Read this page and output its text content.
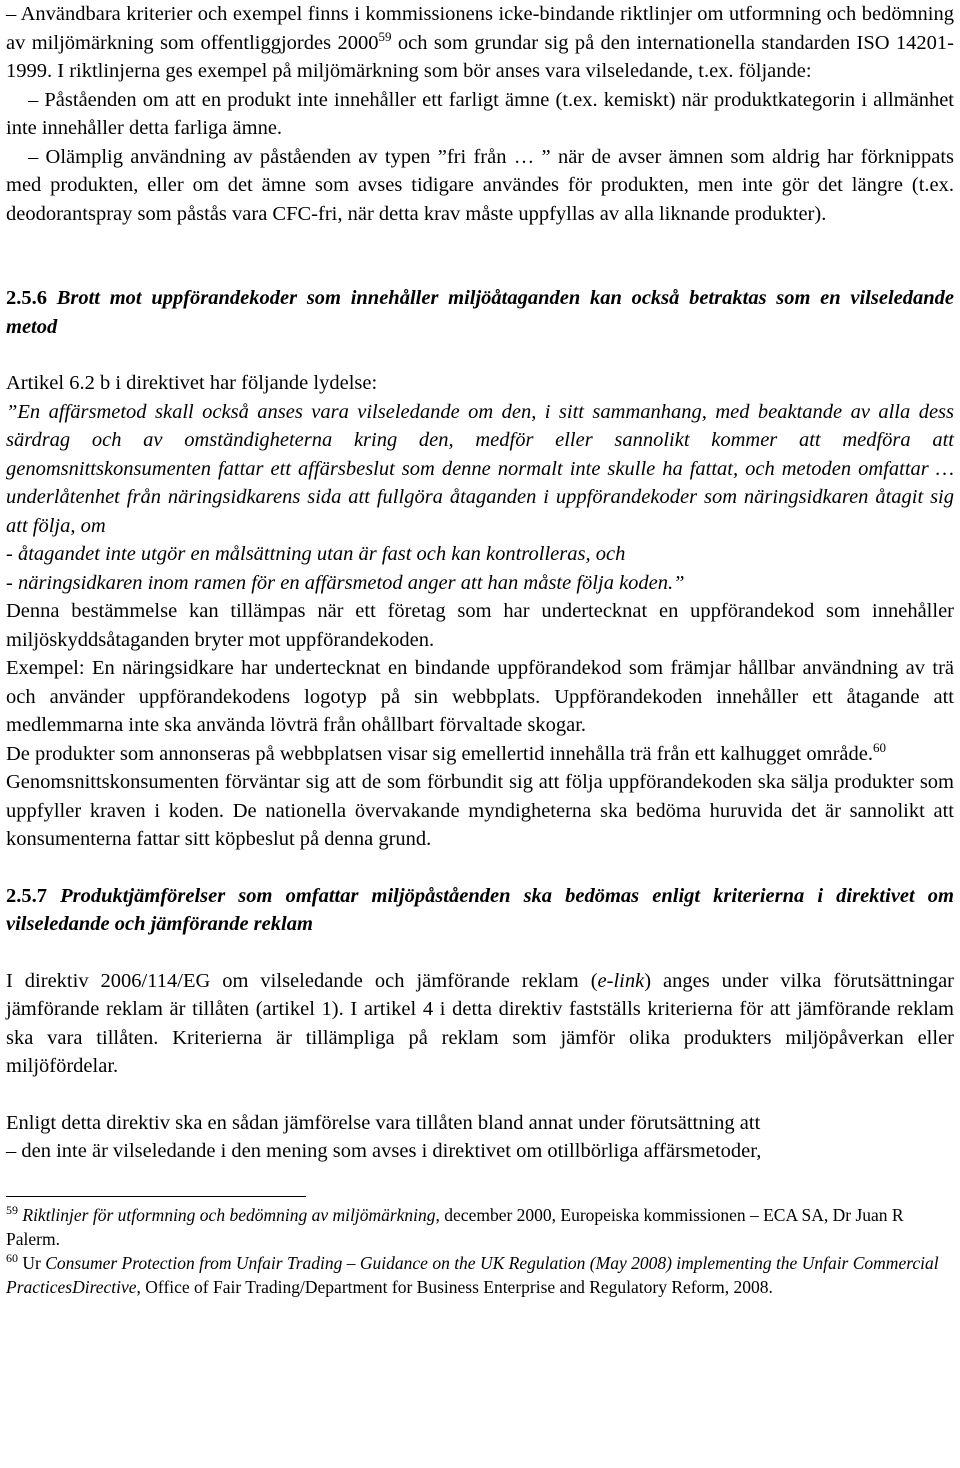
– Användbara kriterier och exempel finns i kommissionens icke-bindande riktlinjer om utformning och bedömning av miljömärkning som offentliggjordes 2000$^{59}$ och som grundar sig på den internationella standarden ISO 14201-1999. I riktlinjerna ges exempel på miljömärkning som bör anses vara vilseledande, t.ex. följande:

– Påståenden om att en produkt inte innehåller ett farligt ämne (t.ex. kemiskt) när produktkategorin i allmänhet inte innehåller detta farliga ämne.

– Olämplig användning av påståenden av typen ”fri från … ” när de avser ämnen som aldrig har förknippats med produkten, eller om det ämne som avses tidigare användes för produkten, men inte gör det längre (t.ex. deodorantspray som påstås vara CFC-fri, när detta krav måste uppfyllas av alla liknande produkter).

2.5.6 Brott mot uppförandekoder som innehåller miljöåtaganden kan också betraktas som en vilseledande metod

Artikel 6.2 b i direktivet har följande lydelse:

”En affärsmetod skall också anses vara vilseledande om den, i sitt sammanhang, med beaktande av alla dess särdrag och av omständigheterna kring den, medför eller sannolikt kommer att medföra att genomsnittskonsumenten fattar ett affärsbeslut som denne normalt inte skulle ha fattat, och metoden omfattar … underlåtenhet från näringsidkarens sida att fullgöra åtaganden i uppförandekoder som näringsidkaren åtagit sig att följa, om

- åtagandet inte utgör en målsättning utan är fast och kan kontrolleras, och

- näringsidkaren inom ramen för en affärsmetod anger att han måste följa koden.”

Denna bestämmelse kan tillämpas när ett företag som har undertecknat en uppförandekod som innehåller miljöskyddsåtaganden bryter mot uppförandekoden.

Exempel: En näringsidkare har undertecknat en bindande uppförandekod som främjar hållbar användning av trä och använder uppförandekodens logotyp på sin webbplats. Uppförandekoden innehåller ett åtagande att medlemmarna inte ska använda lövträ från ohållbart förvaltade skogar.

De produkter som annonseras på webbplatsen visar sig emellertid innehålla trä från ett kalhugget område.$^{60}$

Genomsnittskonsumenten förväntar sig att de som förbundit sig att följa uppförandekoden ska sälja produkter som uppfyller kraven i koden. De nationella övervakande myndigheterna ska bedöma huruvida det är sannolikt att konsumenterna fattar sitt köpbeslut på denna grund.

2.5.7 Produktjämförelser som omfattar miljöpåståenden ska bedömas enligt kriterierna i direktivet om vilseledande och jämförande reklam

I direktiv 2006/114/EG om vilseledande och jämförande reklam (e-link) anges under vilka förutsättningar jämförande reklam är tillåten (artikel 1). I artikel 4 i detta direktiv fastställs kriterierna för att jämförande reklam ska vara tillåten. Kriterierna är tillämpliga på reklam som jämför olika produkters miljöpåverkan eller miljöfördelar.

Enligt detta direktiv ska en sådan jämförelse vara tillåten bland annat under förutsättning att

– den inte är vilseledande i den mening som avses i direktivet om otillbörliga affärsmetoder,

$^{59}$ Riktlinjer för utformning och bedömning av miljömärkning, december 2000, Europeiska kommissionen – ECA SA, Dr Juan R Palerm.

$^{60}$ Ur Consumer Protection from Unfair Trading – Guidance on the UK Regulation (May 2008) implementing the Unfair Commercial PracticesDirective, Office of Fair Trading/Department for Business Enterprise and Regulatory Reform, 2008.
